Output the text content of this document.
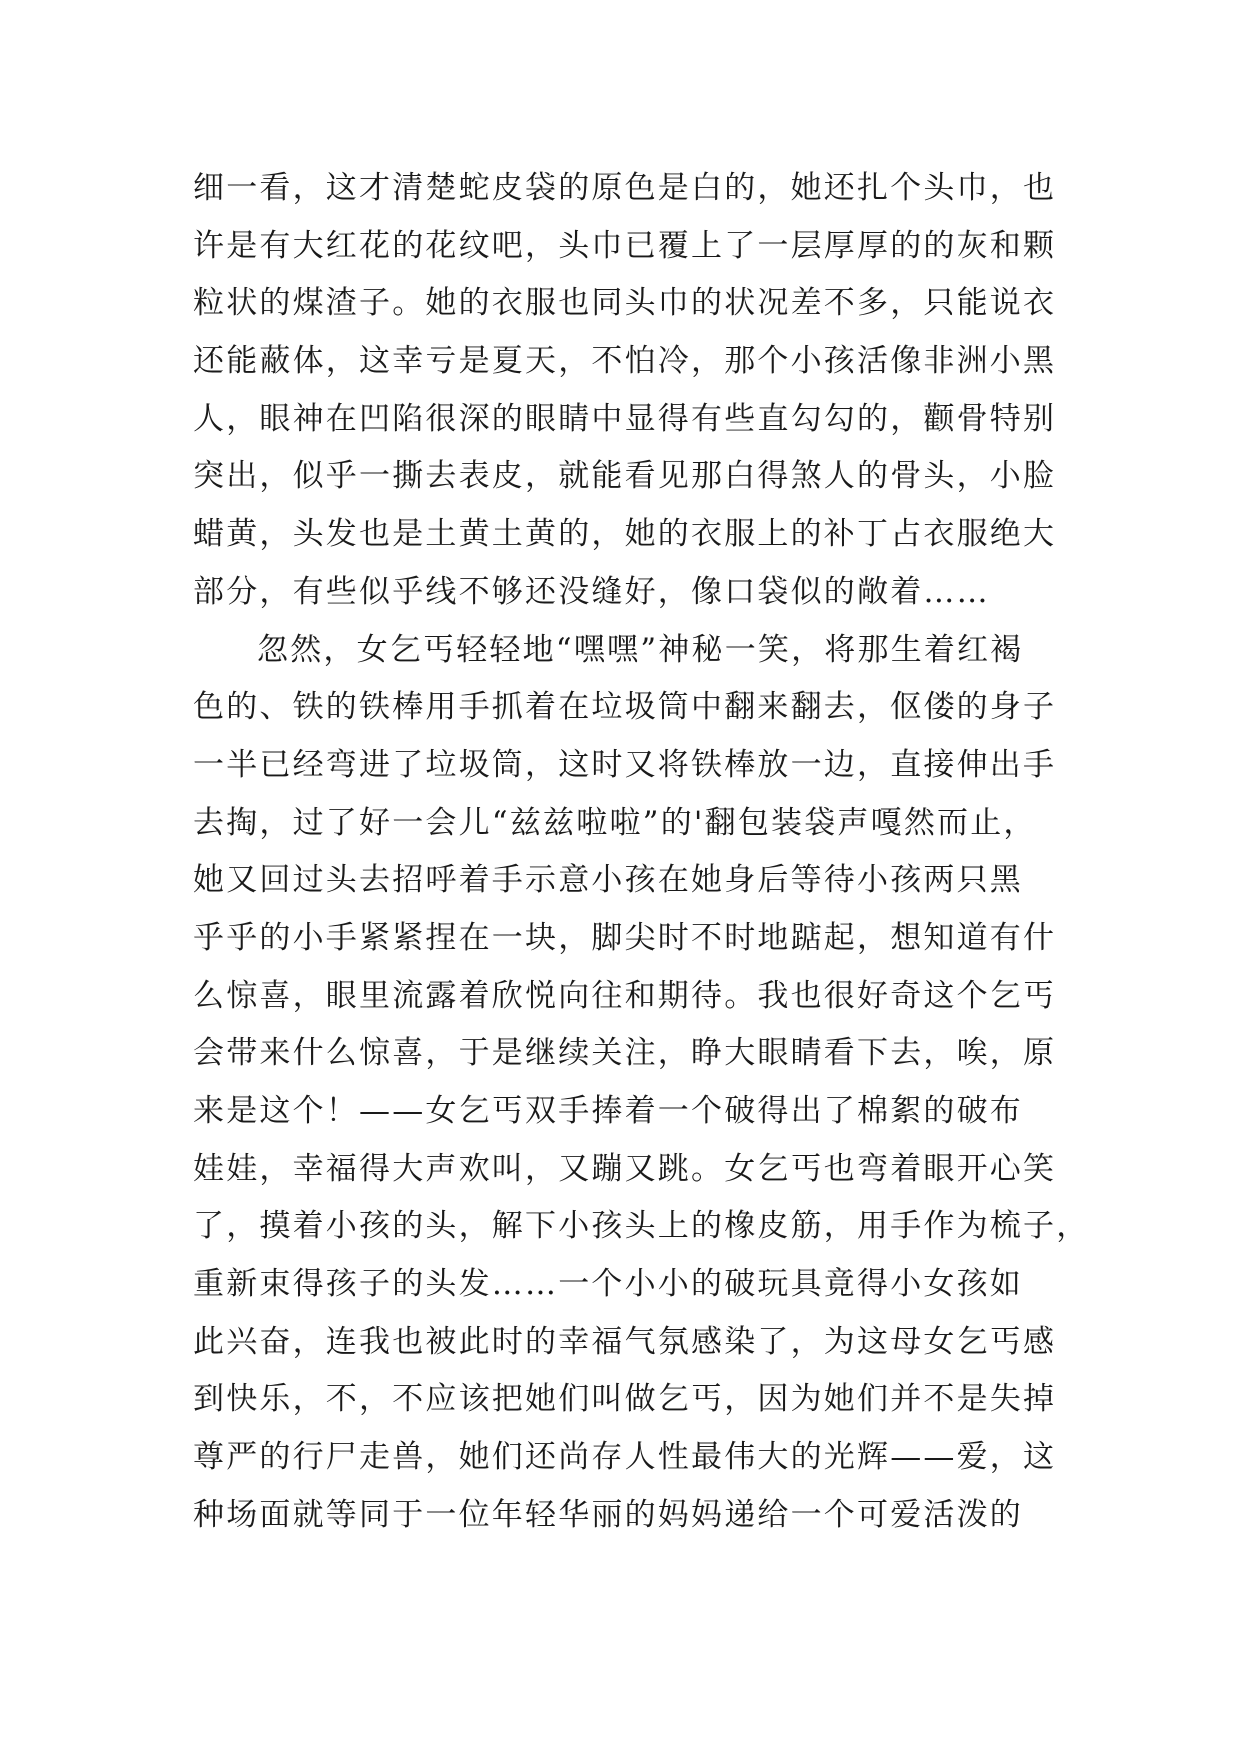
细一看，这才清楚蛇皮袋的原色是白的，她还扎个头巾，也
许是有大红花的花纹吧，头巾已覆上了一层厚厚的的灰和颗
粒状的煤渣子。她的衣服也同头巾的状况差不多，只能说衣
还能蔽体，这幸亏是夏天，不怕冷，那个小孩活像非洲小黑
人，眼神在凹陷很深的眼睛中显得有些直勾勾的，颧骨特别
突出，似乎一撕去表皮，就能看见那白得煞人的骨头，小脸
蜡黄，头发也是土黄土黄的，她的衣服上的补丁占衣服绝大
部分，有些似乎线不够还没缝好，像口袋似的敞着……
忽然，女乞丐轻轻地“嘿嘿”神秘一笑，将那生着红褐
色的、铁的铁棒用手抓着在垃圾筒中翻来翻去，伛偻的身子
一半已经弯进了垃圾筒，这时又将铁棒放一边，直接伸出手
去掏，过了好一会儿“兹兹啦啦”的'翻包装袋声嘎然而止，
她又回过头去招呼着手示意小孩在她身后等待小孩两只黑
乎乎的小手紧紧捏在一块，脚尖时不时地踮起，想知道有什
么惊喜，眼里流露着欣悦向往和期待。我也很好奇这个乞丐
会带来什么惊喜，于是继续关注，睁大眼睛看下去，唉，原
来是这个！——女乞丐双手捧着一个破得出了棉絮的破布
娃娃，幸福得大声欢叫，又蹦又跳。女乞丐也弯着眼开心笑
了，摸着小孩的头，解下小孩头上的橡皮筋，用手作为梳子，
重新束得孩子的头发……一个小小的破玩具竟得小女孩如
此兴奋，连我也被此时的幸福气氛感染了，为这母女乞丐感
到快乐，不，不应该把她们叫做乞丐，因为她们并不是失掉
尊严的行尸走兽，她们还尚存人性最伟大的光辉——爱，这
种场面就等同于一位年轻华丽的妈妈递给一个可爱活泼的
